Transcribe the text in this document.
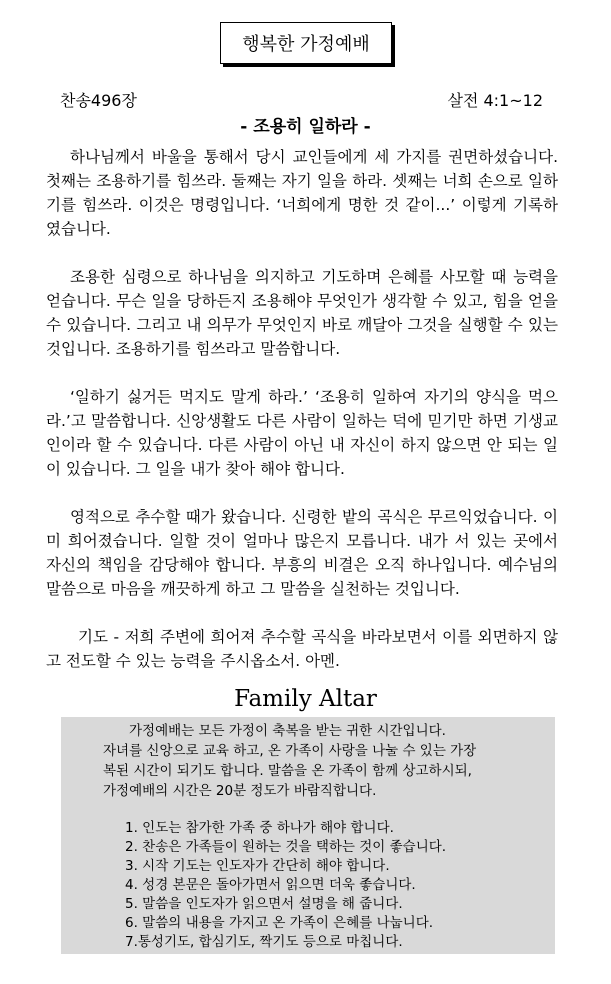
행복한 가정예배
찬송496장	살전 4:1~12
- 조용히 일하라 -

하나님께서 바울을 통해서 당시 교인들에게 세 가지를 권면하셨습니다. 첫째는 조용하기를 힘쓰라. 둘째는 자기 일을 하라. 셋째는 너희 손으로 일하기를 힘쓰라. 이것은 명령입니다. ‘너희에게 명한 것 같이...’ 이렇게 기록하였습니다.

조용한 심령으로 하나님을 의지하고 기도하며 은혜를 사모할 때 능력을 얻습니다. 무슨 일을 당하든지 조용해야 무엇인가 생각할 수 있고, 힘을 얻을 수 있습니다. 그리고 내 의무가 무엇인지 바로 깨달아 그것을 실행할 수 있는 것입니다. 조용하기를 힘쓰라고 말씀합니다.

‘일하기 싫거든 먹지도 말게 하라.’ ‘조용히 일하여 자기의 양식을 먹으라.’고 말씀합니다. 신앙생활도 다른 사람이 일하는 덕에 믿기만 하면 기생교인이라 할 수 있습니다. 다른 사람이 아닌 내 자신이 하지 않으면 안 되는 일이 있습니다. 그 일을 내가 찾아 해야 합니다.

영적으로 추수할 때가 왔습니다. 신령한 밭의 곡식은 무르익었습니다. 이미 희어졌습니다. 일할 것이 얼마나 많은지 모릅니다. 내가 서 있는 곳에서 자신의 책임을 감당해야 합니다. 부흥의 비결은 오직 하나입니다. 예수님의 말씀으로 마음을 깨끗하게 하고 그 말씀을 실천하는 것입니다.

기도 - 저희 주변에 희어져 추수할 곡식을 바라보면서 이를 외면하지 않고 전도할 수 있는 능력을 주시옵소서. 아멘.

Family Altar
가정예배는 모든 가정이 축복을 받는 귀한 시간입니다.
자녀를 신앙으로 교육 하고, 온 가족이 사랑을 나눌 수 있는 가장
복된 시간이 되기도 합니다. 말씀을 온 가족이 함께 상고하시되,
가정예배의 시간은 20분 정도가 바람직합니다.
1. 인도는 참가한 가족 중 하나가 해야 합니다.
2. 찬송은 가족들이 원하는 것을 택하는 것이 좋습니다.
3. 시작 기도는 인도자가 간단히 해야 합니다.
4. 성경 본문은 돌아가면서 읽으면 더욱 좋습니다.
5. 말씀을 인도자가 읽으면서 설명을 해 줍니다.
6. 말씀의 내용을 가지고 온 가족이 은혜를 나눕니다.
7.통성기도, 합심기도, 짝기도 등으로 마칩니다.
